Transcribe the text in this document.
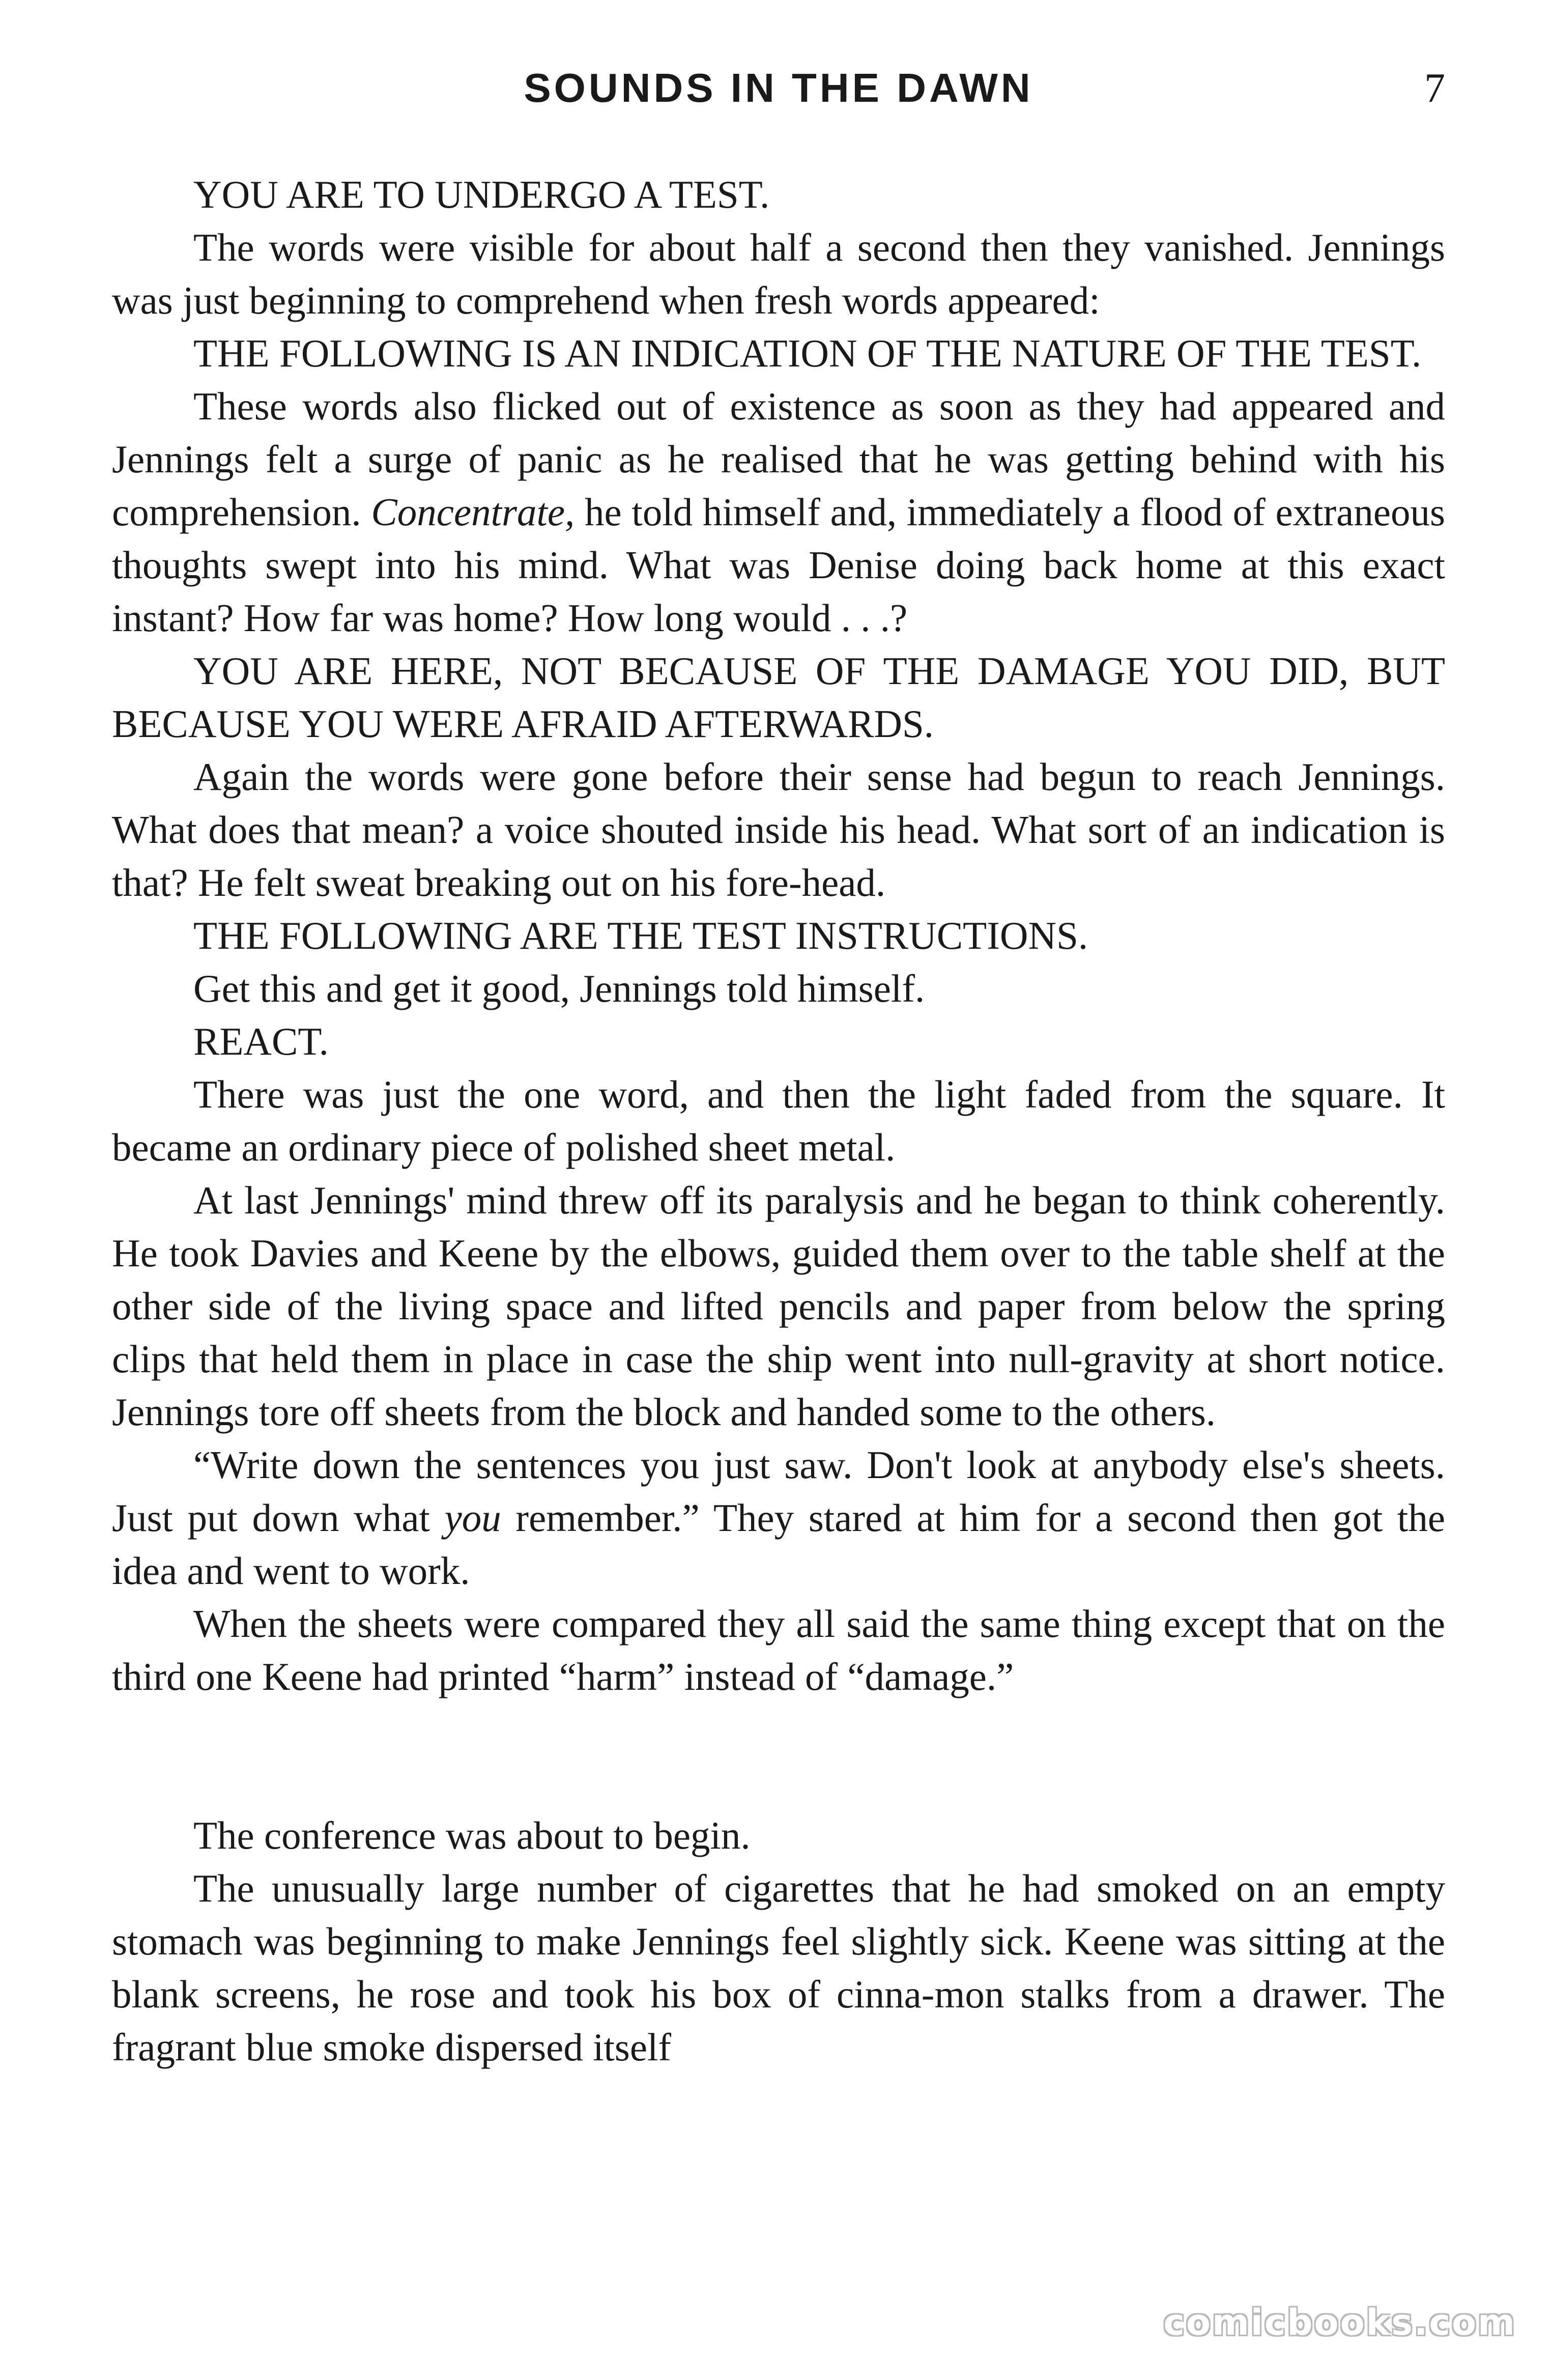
SOUNDS IN THE DAWN	7

YOU ARE TO UNDERGO A TEST.

The words were visible for about half a second then they vanished. Jennings was just beginning to comprehend when fresh words appeared:

THE FOLLOWING IS AN INDICATION OF THE NATURE OF THE TEST.

These words also flicked out of existence as soon as they had appeared and Jennings felt a surge of panic as he realised that he was getting behind with his comprehension. Concentrate, he told himself and, immediately a flood of extraneous thoughts swept into his mind. What was Denise doing back home at this exact instant? How far was home? How long would . . .?

YOU ARE HERE, NOT BECAUSE OF THE DAMAGE YOU DID, BUT BECAUSE YOU WERE AFRAID AFTERWARDS.

Again the words were gone before their sense had begun to reach Jennings. What does that mean? a voice shouted inside his head. What sort of an indication is that? He felt sweat breaking out on his fore-head.

THE FOLLOWING ARE THE TEST INSTRUCTIONS.

Get this and get it good, Jennings told himself.

REACT.

There was just the one word, and then the light faded from the square. It became an ordinary piece of polished sheet metal.

At last Jennings' mind threw off its paralysis and he began to think coherently. He took Davies and Keene by the elbows, guided them over to the table shelf at the other side of the living space and lifted pencils and paper from below the spring clips that held them in place in case the ship went into null-gravity at short notice. Jennings tore off sheets from the block and handed some to the others.

“Write down the sentences you just saw. Don't look at anybody else's sheets. Just put down what you remember.” They stared at him for a second then got the idea and went to work.

When the sheets were compared they all said the same thing except that on the third one Keene had printed “harm” instead of “damage.”

The conference was about to begin.

The unusually large number of cigarettes that he had smoked on an empty stomach was beginning to make Jennings feel slightly sick. Keene was sitting at the blank screens, he rose and took his box of cinna-mon stalks from a drawer. The fragrant blue smoke dispersed itself

comicbooks.com
